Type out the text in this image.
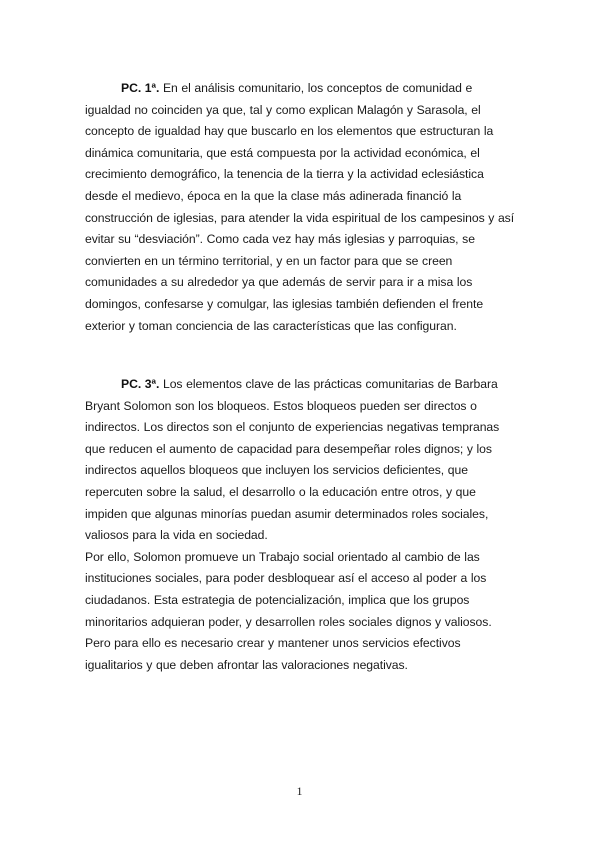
PC. 1ª. En el análisis comunitario, los conceptos de comunidad e igualdad no coinciden ya que, tal y como explican Malagón y Sarasola, el concepto de igualdad hay que buscarlo en los elementos que estructuran la dinámica comunitaria, que está compuesta por la actividad económica, el crecimiento demográfico, la tenencia de la tierra y la actividad eclesiástica desde el medievo, época en la que la clase más adinerada financió la construcción de iglesias, para atender la vida espiritual de los campesinos y así evitar su “desviación”. Como cada vez hay más iglesias y parroquias, se convierten en un término territorial, y en un factor para que se creen comunidades a su alrededor ya que además de servir para ir a misa los domingos, confesarse y comulgar, las iglesias también defienden el frente exterior y toman conciencia de las características que las configuran.

PC. 3ª. Los elementos clave de las prácticas comunitarias de Barbara Bryant Solomon son los bloqueos. Estos bloqueos pueden ser directos o indirectos. Los directos son el conjunto de experiencias negativas tempranas que reducen el aumento de capacidad para desempeñar roles dignos; y los indirectos aquellos bloqueos que incluyen los servicios deficientes, que repercuten sobre la salud, el desarrollo o la educación entre otros, y que impiden que algunas minorías puedan asumir determinados roles sociales, valiosos para la vida en sociedad.

Por ello, Solomon promueve un Trabajo social orientado al cambio de las instituciones sociales, para poder desbloquear así el acceso al poder a los ciudadanos. Esta estrategia de potencialización, implica que los grupos minoritarios adquieran poder, y desarrollen roles sociales dignos y valiosos. Pero para ello es necesario crear y mantener unos servicios efectivos igualitarios y que deben afrontar las valoraciones negativas.

1
